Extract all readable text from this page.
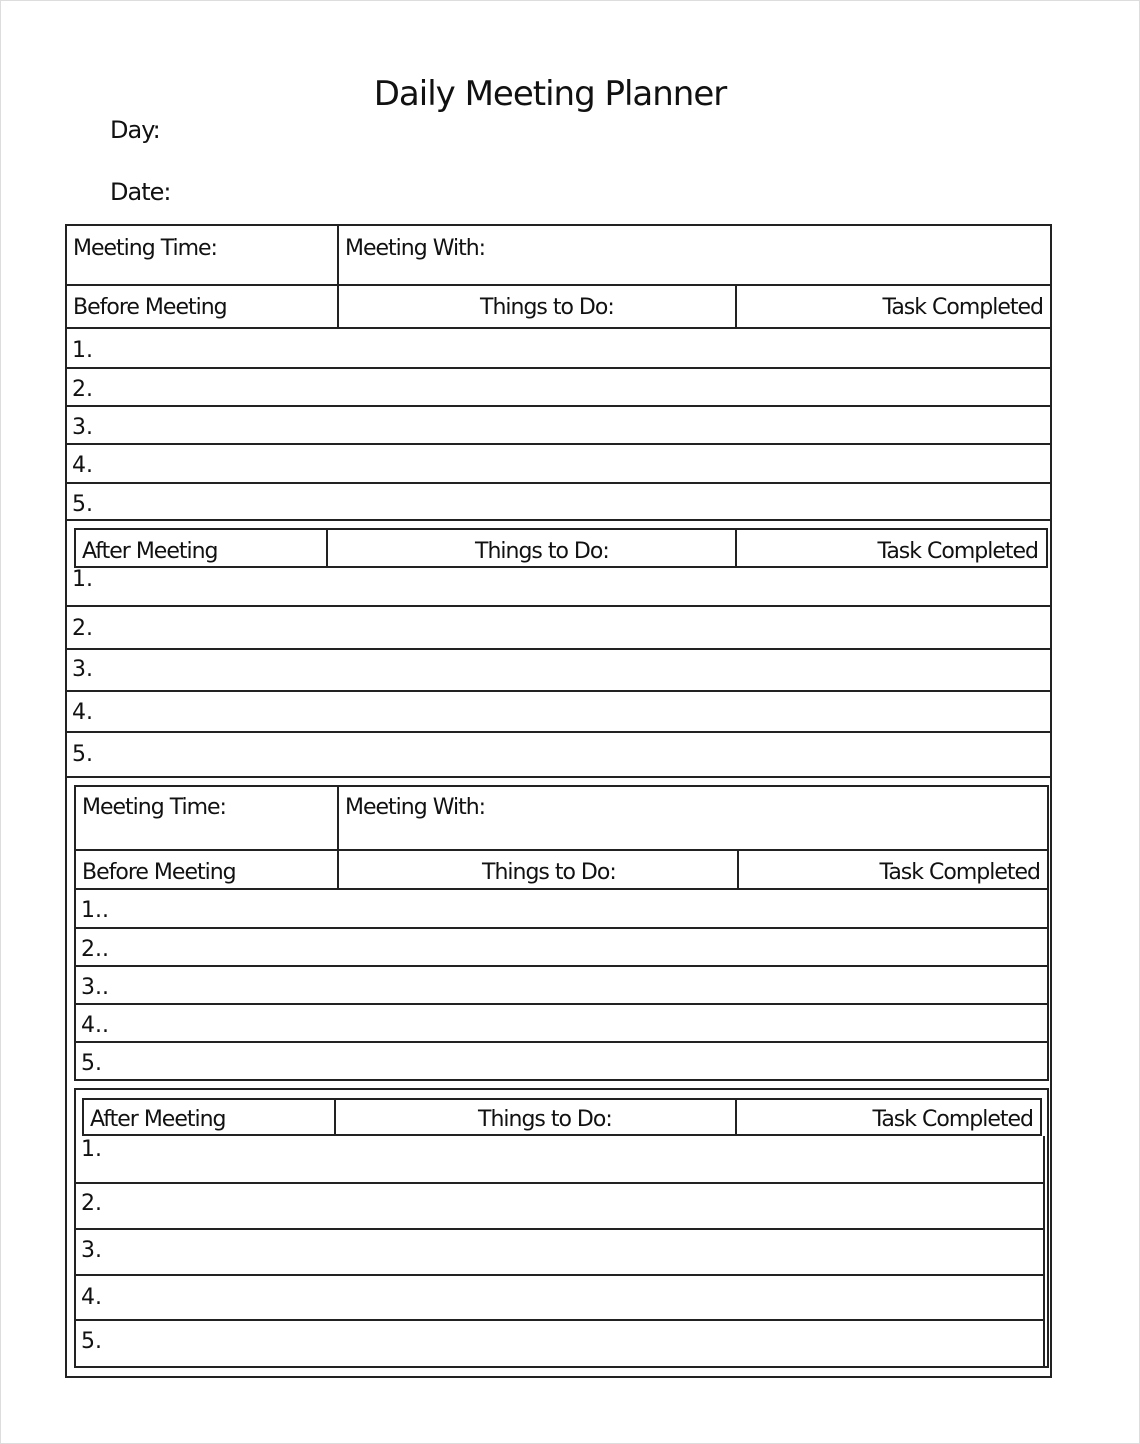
Daily Meeting Planner
Day:
Date:
Meeting Time:	Meeting With:
Before Meeting	Things to Do:	Task Completed
1.
2.
3.
4.
5.
After Meeting	Things to Do:	Task Completed
1.
2.
3.
4.
5.
Meeting Time:	Meeting With:
Before Meeting	Things to Do:	Task Completed
1..
2..
3..
4..
5.
After Meeting	Things to Do:	Task Completed
1.
2.
3.
4.
5.
